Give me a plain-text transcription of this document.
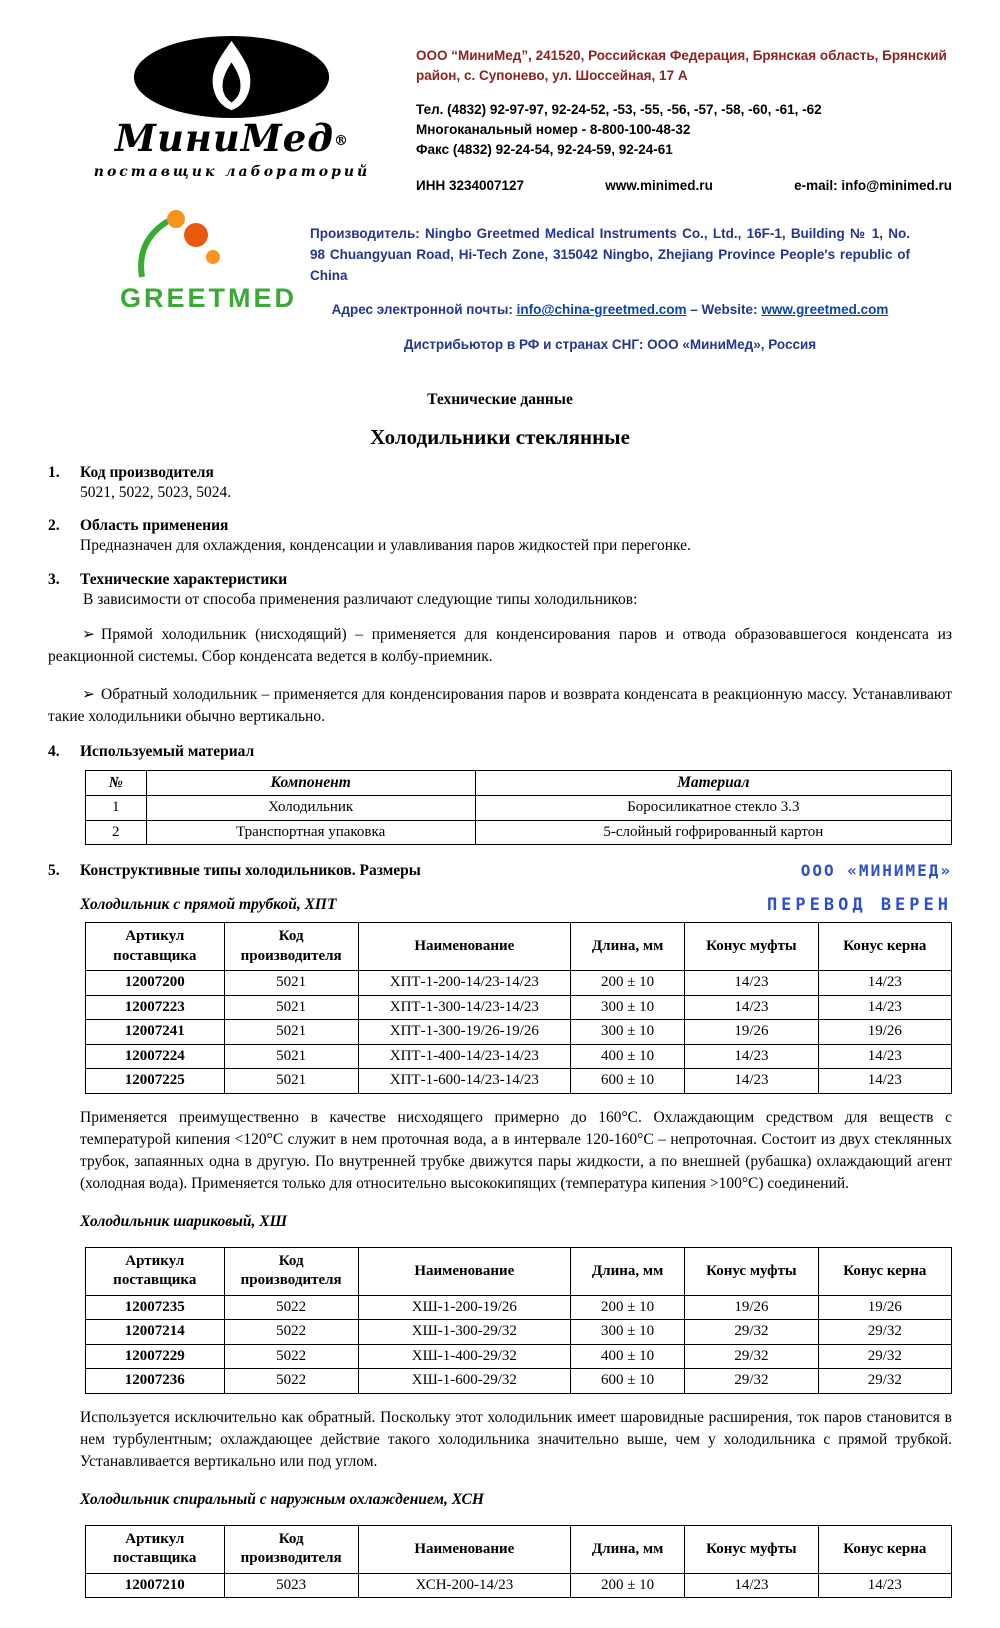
МиниМед®
поставщик лабораторий

ООО “МиниМед”, 241520, Российская Федерация, Брянская область, Брянский район, с. Супонево, ул. Шоссейная, 17 А

Тел. (4832) 92-97-97, 92-24-52, -53, -55, -56, -57, -58, -60, -61, -62
Многоканальный номер - 8-800-100-48-32
Факс (4832) 92-24-54, 92-24-59, 92-24-61
ИНН 3234007127	www.minimed.ru	e-mail: info@minimed.ru
GREETMED

Производитель: Ningbo Greetmed Medical Instruments Co., Ltd., 16F-1, Building № 1, No. 98 Chuangyuan Road, Hi-Tech Zone, 315042 Ningbo, Zhejiang Province People's republic of China

Адрес электронной почты: info@china-greetmed.com – Website: www.greetmed.com

Дистрибьютор в РФ и странах СНГ: ООО «МиниМед», Россия

Технические данные

Холодильники стеклянные
1.	Код производителя

5021, 5022, 5023, 5024.

2.	Область применения

Предназначен для охлаждения, конденсации и улавливания паров жидкостей при перегонке.

3.	Технические характеристики

В зависимости от способа применения различают следующие типы холодильников:

➢ Прямой холодильник (нисходящий) – применяется для конденсирования паров и отвода образовавшегося конденсата из реакционной системы. Сбор конденсата ведется в колбу-приемник.

➢ Обратный холодильник – применяется для конденсирования паров и возврата конденсата в реакционную массу. Устанавливают такие холодильники обычно вертикально.

4.	Используемый материал
№	Компонент	Материал
1	Холодильник	Боросиликатное стекло 3.3
2	Транспортная упаковка	5-слойный гофрированный картон
5.	Конструктивные типы холодильников. Размеры	ООО «МИНИМЕД»
Холодильник с прямой трубкой, ХПТ	ПЕРЕВОД ВЕРЕН
Артикул поставщика	Код производителя	Наименование	Длина, мм	Конус муфты	Конус керна
12007200	5021	ХПТ-1-200-14/23-14/23	200 ± 10	14/23	14/23
12007223	5021	ХПТ-1-300-14/23-14/23	300 ± 10	14/23	14/23
12007241	5021	ХПТ-1-300-19/26-19/26	300 ± 10	19/26	19/26
12007224	5021	ХПТ-1-400-14/23-14/23	400 ± 10	14/23	14/23
12007225	5021	ХПТ-1-600-14/23-14/23	600 ± 10	14/23	14/23

Применяется преимущественно в качестве нисходящего примерно до 160°С. Охлаждающим средством для веществ с температурой кипения <120°С служит в нем проточная вода, а в интервале 120-160°С – непроточная. Состоит из двух стеклянных трубок, запаянных одна в другую. По внутренней трубке движутся пары жидкости, а по внешней (рубашка) охлаждающий агент (холодная вода). Применяется только для относительно высококипящих (температура кипения >100°С) соединений.

Холодильник шариковый, ХШ

Артикул поставщика	Код производителя	Наименование	Длина, мм	Конус муфты	Конус керна
12007235	5022	ХШ-1-200-19/26	200 ± 10	19/26	19/26
12007214	5022	ХШ-1-300-29/32	300 ± 10	29/32	29/32
12007229	5022	ХШ-1-400-29/32	400 ± 10	29/32	29/32
12007236	5022	ХШ-1-600-29/32	600 ± 10	29/32	29/32

Используется исключительно как обратный. Поскольку этот холодильник имеет шаровидные расширения, ток паров становится в нем турбулентным; охлаждающее действие такого холодильника значительно выше, чем у холодильника с прямой трубкой. Устанавливается вертикально или под углом.

Холодильник спиральный с наружным охлаждением, ХСН

Артикул поставщика	Код производителя	Наименование	Длина, мм	Конус муфты	Конус керна
12007210	5023	ХСН-200-14/23	200 ± 10	14/23	14/23
